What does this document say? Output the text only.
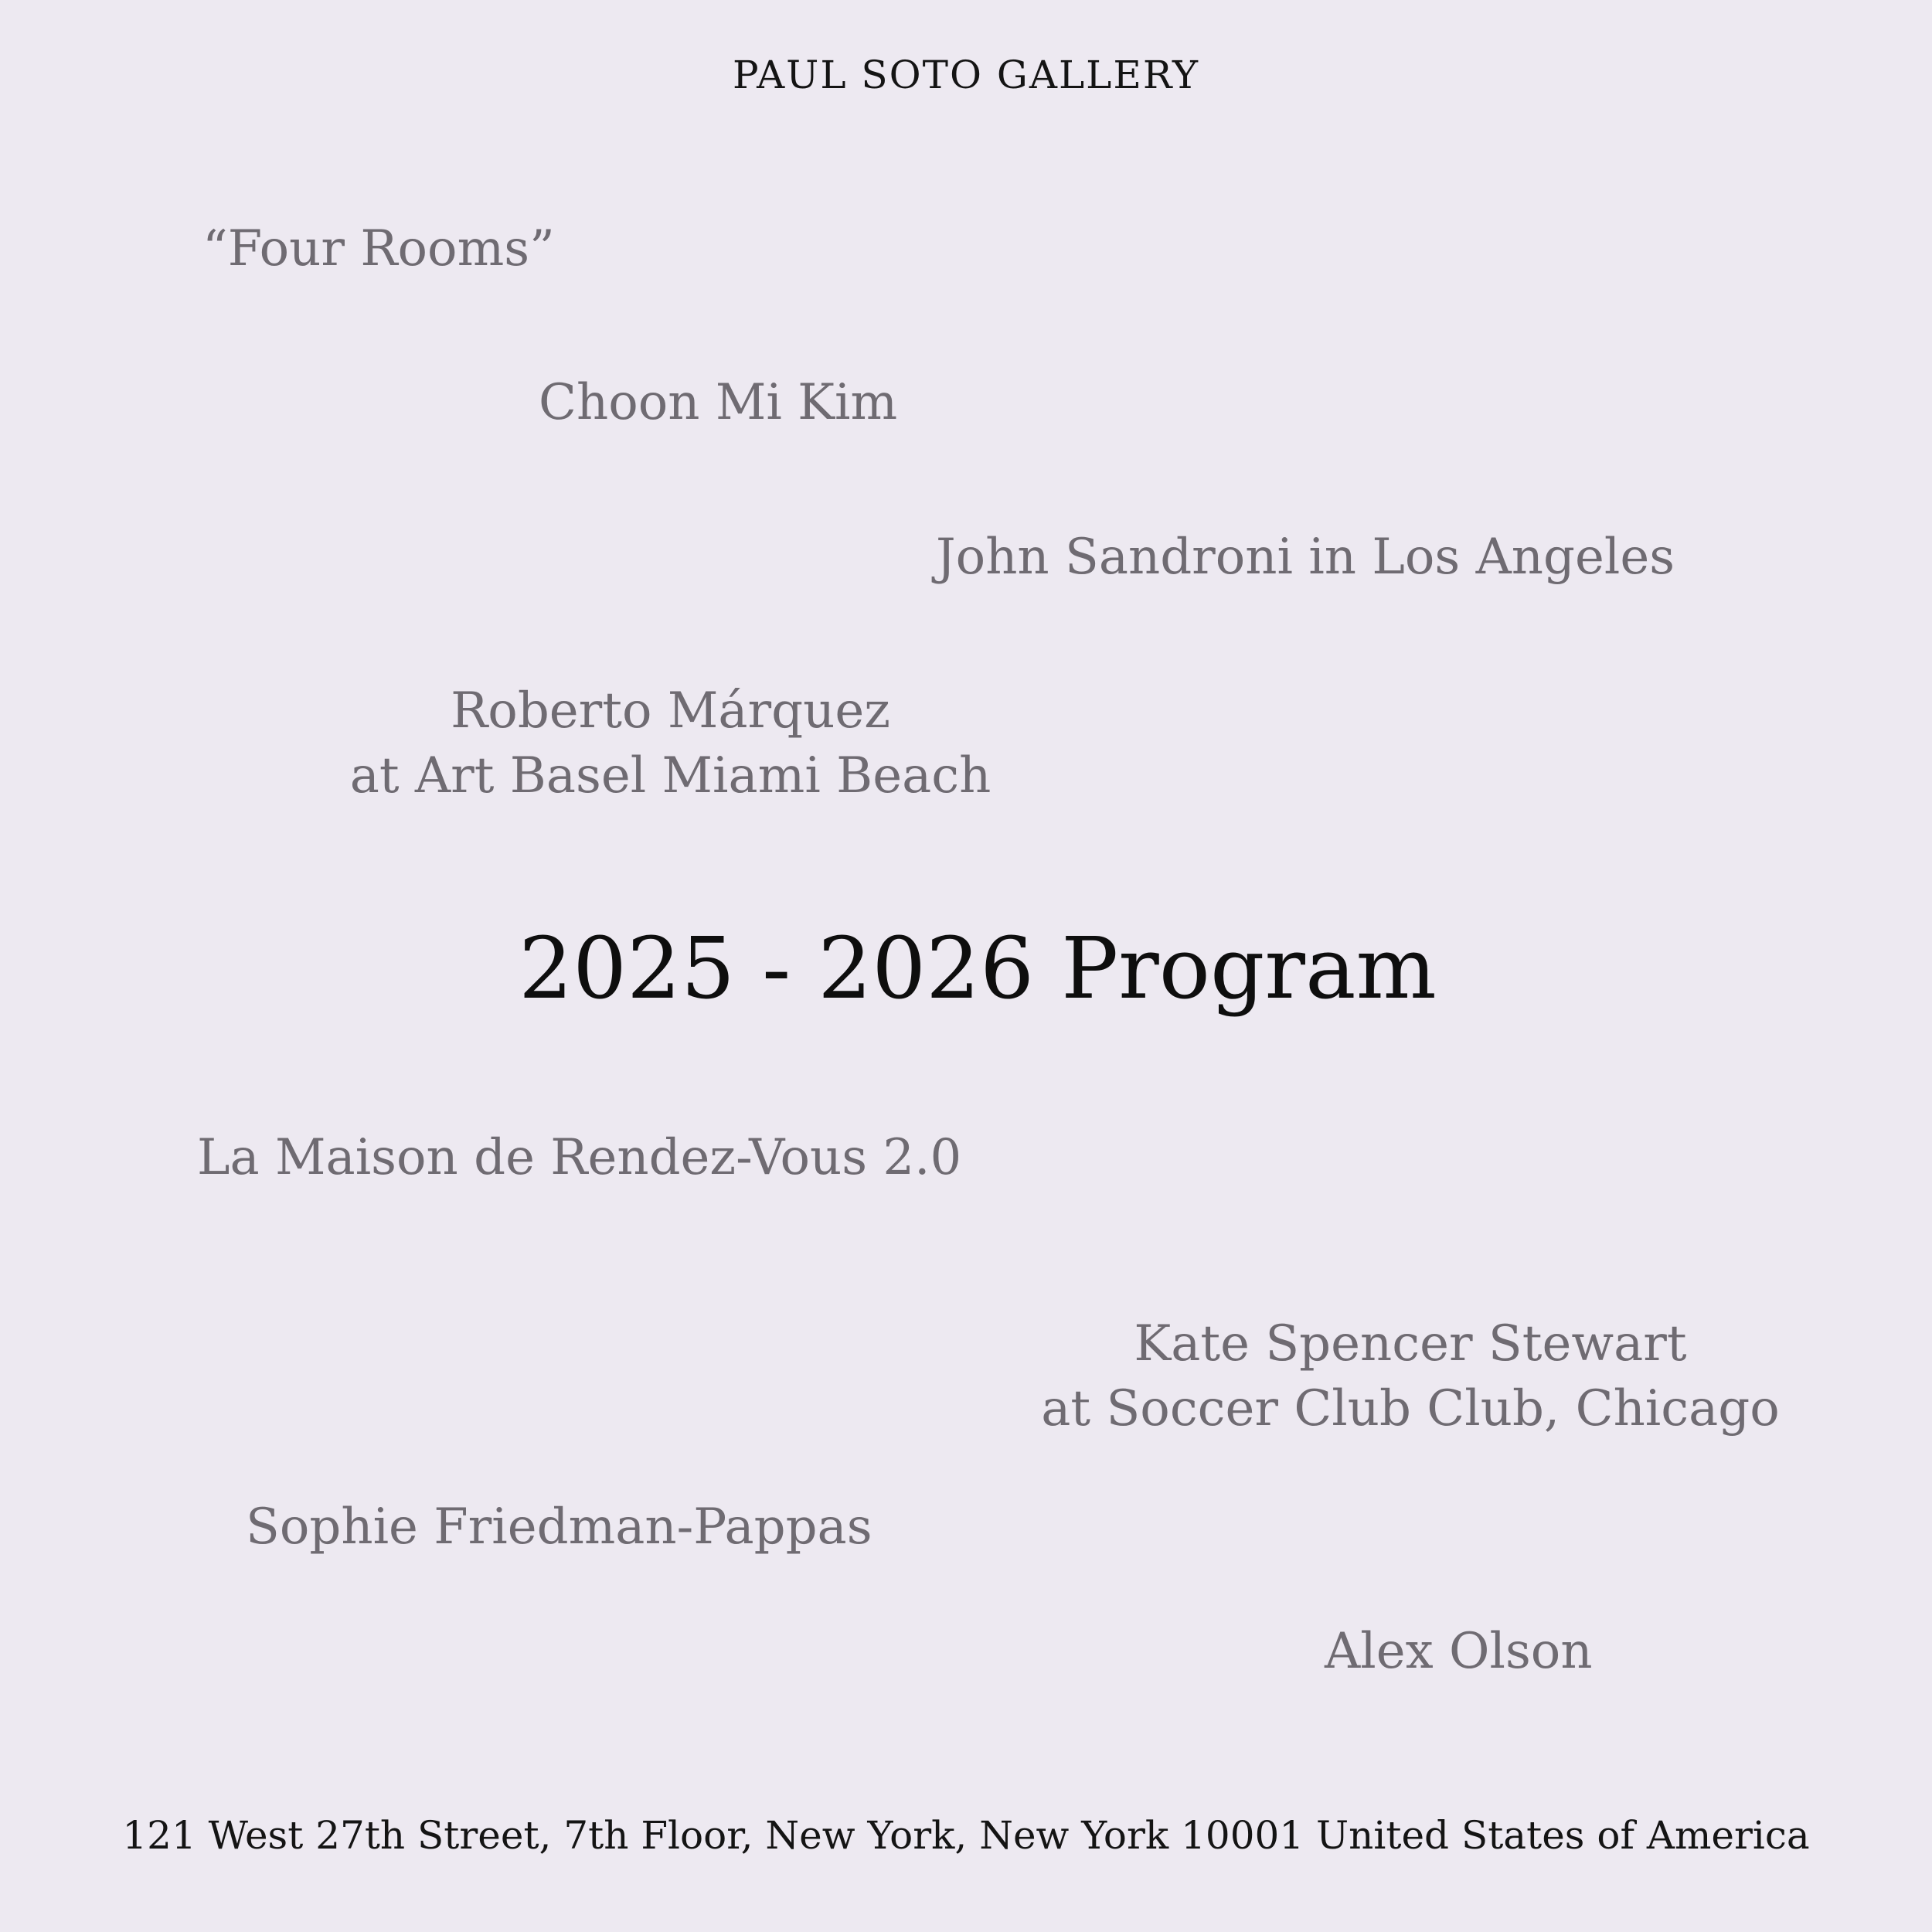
PAUL SOTO GALLERY
“Four Rooms”
Choon Mi Kim
John Sandroni in Los Angeles
Roberto Márquez
at Art Basel Miami Beach
2025 - 2026 Program
La Maison de Rendez-Vous 2.0
Kate Spencer Stewart
at Soccer Club Club, Chicago
Sophie Friedman-Pappas
Alex Olson
121 West 27th Street, 7th Floor, New York, New York 10001 United States of America
